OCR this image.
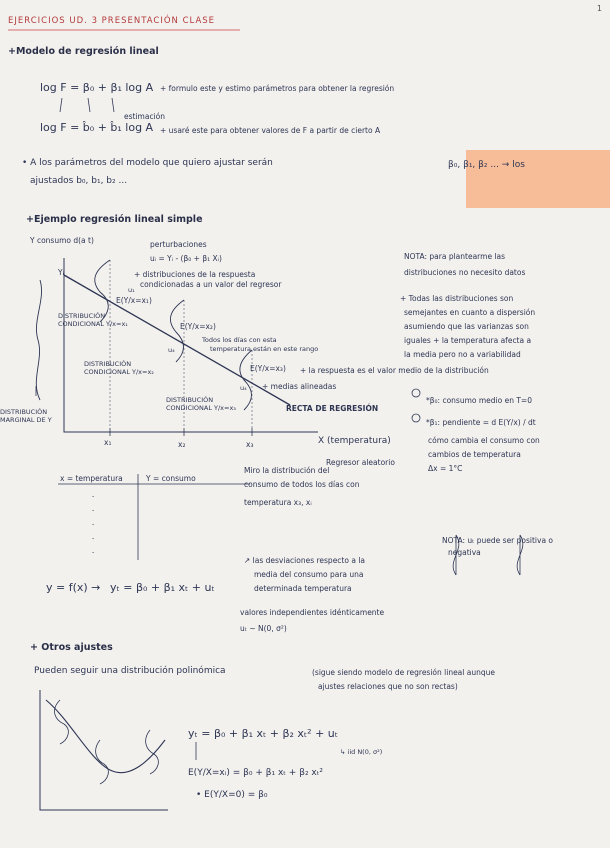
EJERCICIOS UD. 3 PRESENTACIÓN CLASE
1
+Modelo de regresión lineal
log F = β₀ + β₁ log A + formulo este y estimo parámetros para obtener la regresión
estimación
log F = b̂₀ + b̂₁ log A + usaré este para obtener valores de F a partir de cierto A
• A los parámetros del modelo que quiero ajustar serán	β₀, β₁, β₂ ... → los
ajustados b₀, b₁, b₂ ...
+Ejemplo regresión lineal simple
Y consumo d(a t)	perturbaciones
uᵢ = Yᵢ - (β₀ + β₁ Xᵢ)
+ distribuciones de la respuesta
condicionadas a un valor del regresor
E(Y/x=x₁)
E(Y/x=x₂)
Todos los días con esta
temperatura están en este rango
E(Y/x=x₃) + la respuesta es el valor medio de la distribución
+ medias alineadas
DISTRIBUCIÓN CONDICIONAL Y/x=x₁
DISTRIBUCIÓN CONDICIONAL Y/x=x₂
DISTRIBUCIÓN CONDICIONAL Y/x=x₃
DISTRIBUCIÓN MARGINAL DE Y
RECTA DE REGRESIÓN
x₁	x₂	x₃	X (temperatura)
Regresor aleatorio
Miro la distribución del
consumo de todos los días con
temperatura x₃, xᵢ
Yᵢ
u₁
u₄
u₄
NOTA: para plantearme las
distribuciones no necesito datos
+ Todas las distribuciones son
semejantes en cuanto a dispersión
asumiendo que las varianzas son
iguales + la temperatura afecta a
la media pero no a variabilidad
*β₀: consumo medio en T=0
*β₁: pendiente = d E(Y/x) / dt
cómo cambia el consumo con
cambios de temperatura
Δx = 1°C
x = temperatura	Y = consumo
-
-
-
-
-
y = f(x) → yₜ = β₀ + β₁ xₜ + uₜ
↗ las desviaciones respecto a la
media del consumo para una
determinada temperatura
valores independientes idénticamente
uₜ ~ N(0, σ²)
NOTA: uₜ puede ser positiva o
negativa
+ Otros ajustes
Pueden seguir una distribución polinómica	(sigue siendo modelo de regresión lineal aunque
ajustes relaciones que no son rectas)
yₜ = β₀ + β₁ xₜ + β₂ xₜ² + uₜ
↳ iid N(0, σ²)
E(Y/X=xᵢ) = β₀ + β₁ xₜ + β₂ xₜ²
• E(Y/X=0) = β₀
